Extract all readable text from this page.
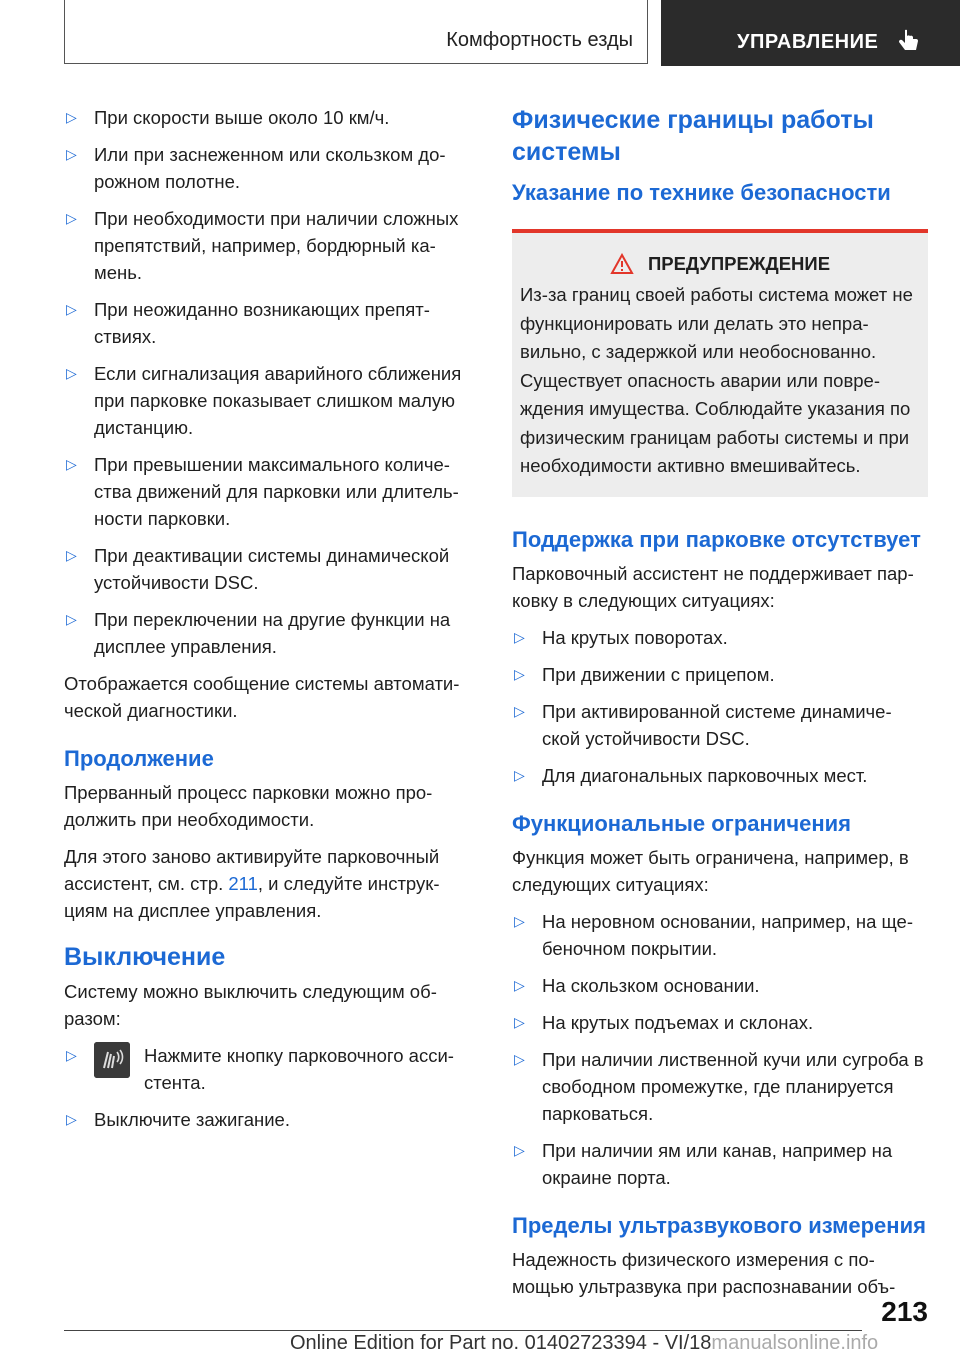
Комфортность езды	УПРАВЛЕНИЕ
▷ При скорости выше около 10 км/ч.
▷ Или при заснеженном или скользком до-рожном полотне.
▷ При необходимости при наличии сложных препятствий, например, бордюрный ка-мень.
▷ При неожиданно возникающих препят-ствиях.
▷ Если сигнализация аварийного сближения при парковке показывает слишком малую дистанцию.
▷ При превышении максимального количе-ства движений для парковки или длитель-ности парковки.
▷ При деактивации системы динамической устойчивости DSC.
▷ При переключении на другие функции на дисплее управления.

Отображается сообщение системы автомати-ческой диагностики.

Продолжение

Прерванный процесс парковки можно про-должить при необходимости.

Для этого заново активируйте парковочный ассистент, см. стр. 211, и следуйте инструк-циям на дисплее управления.

Выключение

Систему можно выключить следующим об-разом:

▷	Нажмите кнопку парковочного асси-стента.
▷ Выключите зажигание.
Физические границы работы системы
Указание по технике безопасности
ПРЕДУПРЕЖДЕНИЕ

Из-за границ своей работы система может не функционировать или делать это непра-вильно, с задержкой или необоснованно. Существует опасность аварии или повре-ждения имущества. Соблюдайте указания по физическим границам работы системы и при необходимости активно вмешивайтесь.

Поддержка при парковке отсутствует

Парковочный ассистент не поддерживает пар-ковку в следующих ситуациях:

▷ На крутых поворотах.
▷ При движении с прицепом.
▷ При активированной системе динамиче-ской устойчивости DSC.
▷ Для диагональных парковочных мест.
Функциональные ограничения

Функция может быть ограничена, например, в следующих ситуациях:

▷ На неровном основании, например, на ще-беночном покрытии.
▷ На скользком основании.
▷ На крутых подъемах и склонах.
▷ При наличии лиственной кучи или сугроба в свободном промежутке, где планируется парковаться.
▷ При наличии ям или канав, например на окраине порта.
Пределы ультразвукового измерения

Надежность физического измерения с по-мощью ультразвука при распознавании объ-

213
Online Edition for Part no. 01402723394 - VI/18manualsonline.info
